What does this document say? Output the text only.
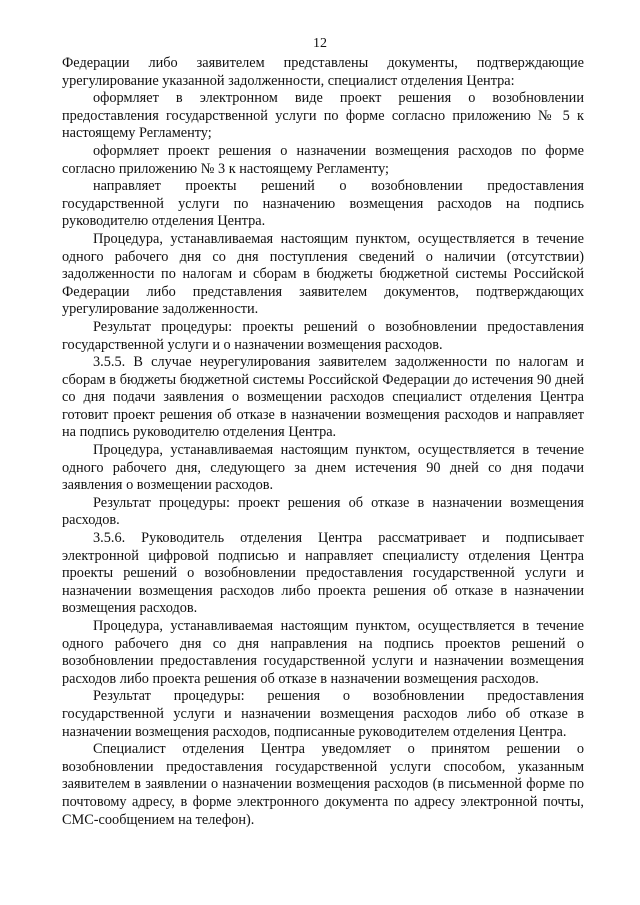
12

Федерации либо заявителем представлены документы, подтверждающие урегулирование указанной задолженности, специалист отделения Центра:

оформляет в электронном виде проект решения о возобновлении предоставления государственной услуги по форме согласно приложению № 5 к настоящему Регламенту;

оформляет проект решения о назначении возмещения расходов по форме согласно приложению № 3 к настоящему Регламенту;

направляет проекты решений о возобновлении предоставления государственной услуги по назначению возмещения расходов на подпись руководителю отделения Центра.

Процедура, устанавливаемая настоящим пунктом, осуществляется в течение одного рабочего дня со дня поступления сведений о наличии (отсутствии) задолженности по налогам и сборам в бюджеты бюджетной системы Российской Федерации либо представления заявителем документов, подтверждающих урегулирование задолженности.

Результат процедуры: проекты решений о возобновлении предоставления государственной услуги и о назначении возмещения расходов.

3.5.5. В случае неурегулирования заявителем задолженности по налогам и сборам в бюджеты бюджетной системы Российской Федерации до истечения 90 дней со дня подачи заявления о возмещении расходов специалист отделения Центра готовит проект решения об отказе в назначении возмещения расходов и направляет на подпись руководителю отделения Центра.

Процедура, устанавливаемая настоящим пунктом, осуществляется в течение одного рабочего дня, следующего за днем истечения 90 дней со дня подачи заявления о возмещении расходов.

Результат процедуры: проект решения об отказе в назначении возмещения расходов.

3.5.6. Руководитель отделения Центра рассматривает и подписывает электронной цифровой подписью и направляет специалисту отделения Центра проекты решений о возобновлении предоставления государственной услуги и назначении возмещения расходов либо проекта решения об отказе в назначении возмещения расходов.

Процедура, устанавливаемая настоящим пунктом, осуществляется в течение одного рабочего дня со дня направления на подпись проектов решений о возобновлении предоставления государственной услуги и назначении возмещения расходов либо проекта решения об отказе в назначении возмещения расходов.

Результат процедуры: решения о возобновлении предоставления государственной услуги и назначении возмещения расходов либо об отказе в назначении возмещения расходов, подписанные руководителем отделения Центра.

Специалист отделения Центра уведомляет о принятом решении о возобновлении предоставления государственной услуги способом, указанным заявителем в заявлении о назначении возмещения расходов (в письменной форме по почтовому адресу, в форме электронного документа по адресу электронной почты, СМС-сообщением на телефон).
